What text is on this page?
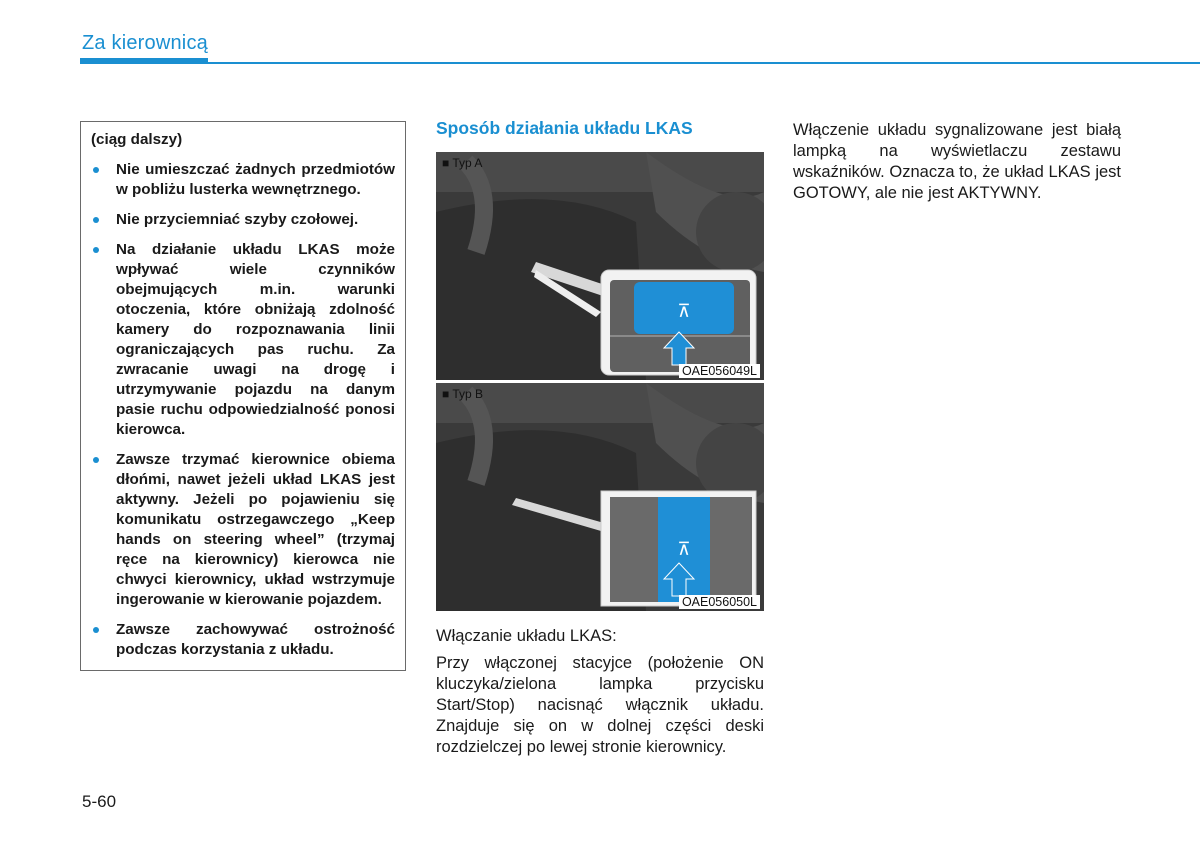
Za kierownicą
(ciąg dalszy)
Nie umieszczać żadnych przedmiotów w pobliżu lusterka wewnętrznego.
Nie przyciemniać szyby czołowej.
Na działanie układu LKAS może wpływać wiele czynników obejmujących m.in. warunki otoczenia, które obniżają zdolność kamery do rozpoznawania linii ograniczających pas ruchu. Za zwracanie uwagi na drogę i utrzymywanie pojazdu na danym pasie ruchu odpowiedzialność ponosi kierowca.
Zawsze trzymać kierownice obiema dłońmi, nawet jeżeli układ LKAS jest aktywny. Jeżeli po pojawieniu się komunikatu ostrzegawczego „Keep hands on steering wheel” (trzymaj ręce na kierownicy) kierowca nie chwyci kierownicy, układ wstrzymuje ingerowanie w kierowanie pojazdem.
Zawsze zachowywać ostrożność podczas korzystania z układu.
Sposób działania układu LKAS
⊼
■ Typ A
OAE056049L
⊼
■ Typ B
OAE056050L
Włączanie układu LKAS:
Przy włączonej stacyjce (położenie ON kluczyka/zielona lampka przycisku Start/Stop) nacisnąć włącznik układu. Znajduje się on w dolnej części deski rozdzielczej po lewej stronie kierownicy.
Włączenie układu sygnalizowane jest białą lampką na wyświetlaczu zestawu wskaźników. Oznacza to, że układ LKAS jest GOTOWY, ale nie jest AKTYWNY.
5-60
